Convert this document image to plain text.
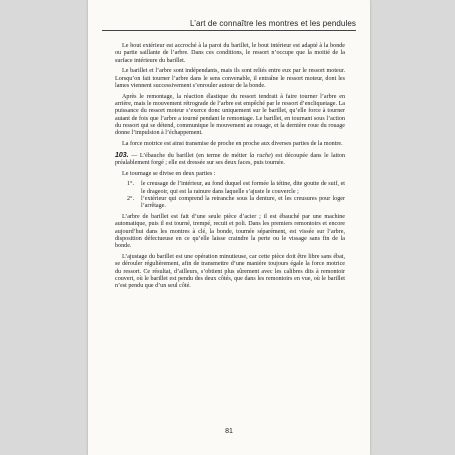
L’art de connaître les montres et les pendules

Le bout extérieur est accroché à la paroi du barillet, le bout intérieur est adapté à la bonde ou partie saillante de l’arbre. Dans ces conditions, le ressort n’occupe que la moitié de la surface intérieure du barillet.

Le barillet et l’arbre sont indépendants, mais ils sont reliés entre eux par le ressort moteur. Lorsqu’on fait tourner l’arbre dans le sens convenable, il entraîne le ressort moteur, dont les lames viennent successivement s’enrouler autour de la bonde.

Après le remontage, la réaction élastique du ressort tendrait à faire tourner l’arbre en arrière, mais le mouvement rétrograde de l’arbre est empêché par le ressort d’encliquetage. La puissance du ressort moteur s’exerce donc uniquement sur le barillet, qu’elle force à tourner autant de fois que l’arbre a tourné pendant le remontage. Le barillet, en tournant sous l’action du ressort qui se détend, communique le mouvement au rouage, et la dernière roue du rouage donne l’impulsion à l’échappement.

La force motrice est ainsi transmise de proche en proche aux diverses parties de la montre.

103. — L’ébauche du barillet (en terme de métier la ruche) est découpée dans le laiton préalablement forgé ; elle est dressée sur ses deux faces, puis tournée.

Le tournage se divise en deux parties :

1°. le creusage de l’intérieur, au fond duquel est formée la tétine, dite goutte de suif, et le drageoir, qui est la rainure dans laquelle s’ajuste le couvercle ;
2°. l’extérieur qui comprend la retranche sous la denture, et les creusures pour loger l’arrêtage.

L’arbre de barillet est fait d’une seule pièce d’acier ; il est ébauché par une machine automatique, puis il est tourné, trempé, recuit et poli. Dans les premiers remontoirs et encore aujourd’hui dans les montres à clé, la bonde, tournée séparément, est vissée sur l’arbre, disposition défectueuse en ce qu’elle laisse craindre la perte ou le vissage sans fin de la bonde.

L’ajustage du barillet est une opération minutieuse, car cette pièce doit être libre sans ébat, se dérouler régulièrement, afin de transmettre d’une manière toujours égale la force motrice du ressort. Ce résultat, d’ailleurs, s’obtient plus sûrement avec les calibres dits à remontoir couvert, où le barillet est pendu des deux côtés, que dans les remontoirs en vue, où le barillet n’est pendu que d’un seul côté.

81
